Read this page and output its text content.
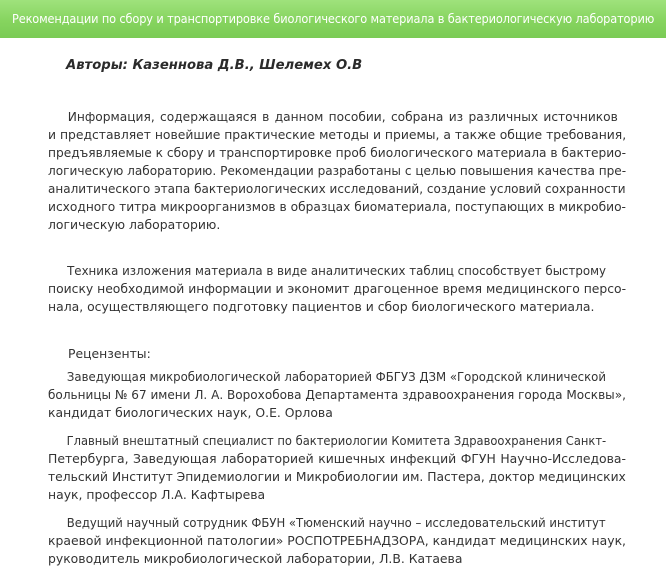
Рекомендации по сбору и транспортировке биологического материала в бактериологическую лабораторию
Авторы: Казеннова Д.В., Шелемех О.В
Информация, содержащаяся в данном пособии, собрана из различных источников
и представляет новейшие практические методы и приемы, а также общие требования,
предъявляемые к сбору и транспортировке проб биологического материала в бактерио-
логическую лабораторию. Рекомендации разработаны с целью повышения качества пре-
аналитического этапа бактериологических исследований, создание условий сохранности
исходного титра микроорганизмов в образцах биоматериала, поступающих в микробио-
логическую лабораторию.
Техника изложения материала в виде аналитических таблиц способствует быстрому
поиску необходимой информации и экономит драгоценное время медицинского персо-
нала, осуществляющего подготовку пациентов и сбор биологического материала.
Рецензенты:
Заведующая микробиологической лабораторией ФБГУЗ ДЗМ «Городской клинической
больницы № 67 имени Л. А. Ворохобова Департамента здравоохранения города Москвы»,
кандидат биологических наук, О.Е. Орлова
Главный внештатный специалист по бактериологии Комитета Здравоохранения Санкт-
Петербурга, Заведующая лабораторией кишечных инфекций ФГУН Научно-Исследова-
тельский Институт Эпидемиологии и Микробиологии им. Пастера, доктор медицинских
наук, профессор Л.А. Кафтырева
Ведущий научный сотрудник ФБУН «Тюменский научно – исследовательский институт
краевой инфекционной патологии» РОСПОТРЕБНАДЗОРА, кандидат медицинских наук,
руководитель микробиологической лаборатории, Л.В. Катаева
